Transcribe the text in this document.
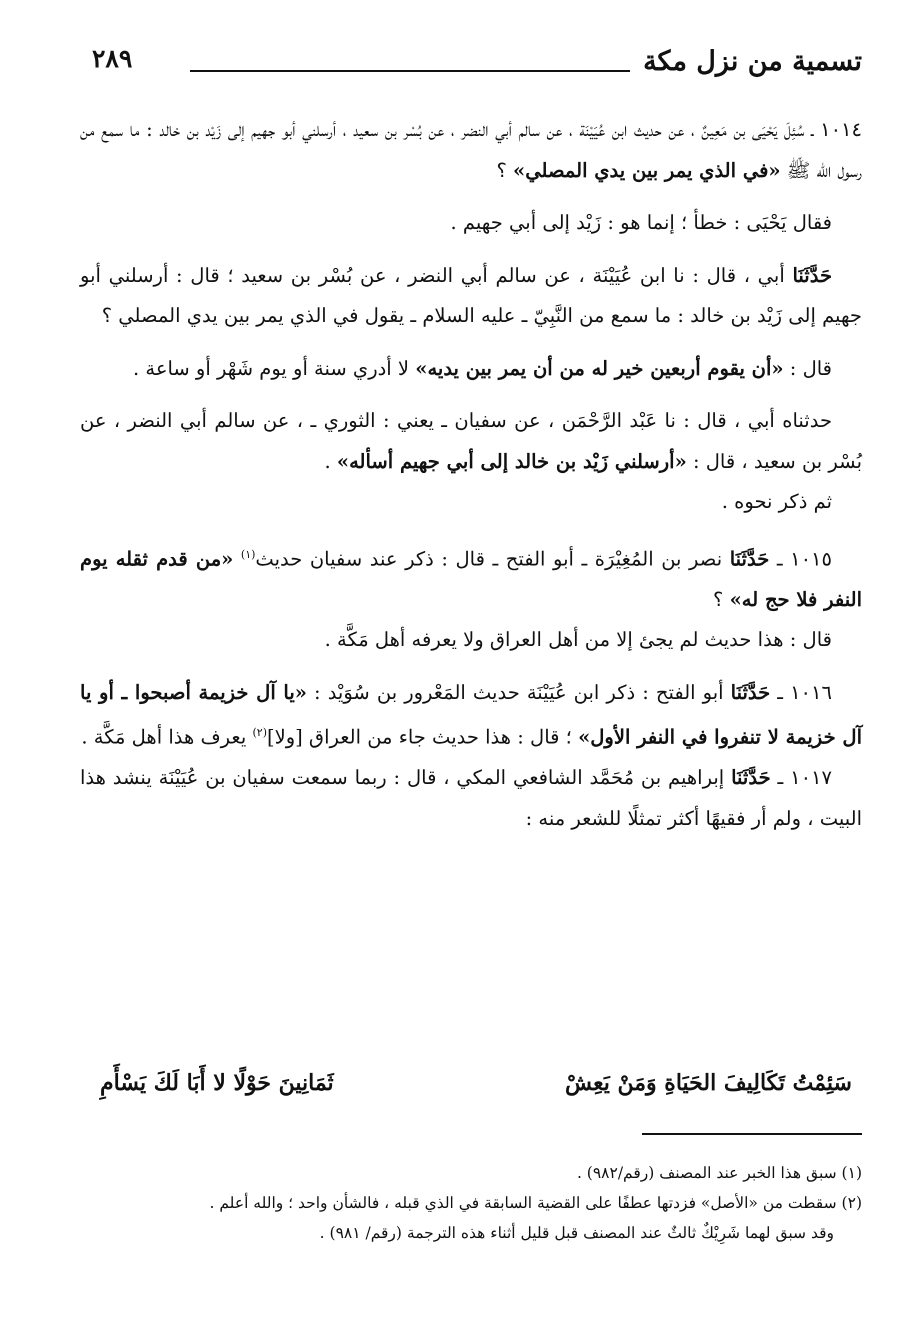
تسمية من نزل مكة
٢٨٩

١٠١٤ ـ سُئِلَ يَحْيَى بن مَعِينٌ ، عن حديث ابن عُيَيْنَة ، عن سالم أبي النضر ، عن بُسْر بن سعيد ، أرسلني أبو جهيم إلى زَيْد بن خالد : ما سمع من رسول الله ﷺ «في الذي يمر بين يدي المصلي» ؟

فقال يَحْيَى : خطأ ؛ إنما هو : زَيْد إلى أبي جهيم .

حَدَّثَنَا أبي ، قال : نا ابن عُيَيْنَة ، عن سالم أبي النضر ، عن بُسْر بن سعيد ؛ قال : أرسلني أبو جهيم إلى زَيْد بن خالد : ما سمع من النَّبِيّ ـ عليه السلام ـ يقول في الذي يمر بين يدي المصلي ؟

قال : «أن يقوم أربعين خير له من أن يمر بين يديه» لا أدري سنة أو يوم شَهْر أو ساعة .

حدثناه أبي ، قال : نا عَبْد الرَّحْمَن ، عن سفيان ـ يعني : الثوري ـ ، عن سالم أبي النضر ، عن بُسْر بن سعيد ، قال : «أرسلني زَيْد بن خالد إلى أبي جهيم أسأله» .

ثم ذكر نحوه .

١٠١٥ ـ حَدَّثَنَا نصر بن المُغِيْرَة ـ أبو الفتح ـ قال : ذكر عند سفيان حديث$^{(١)}$ «من قدم ثقله يوم النفر فلا حج له» ؟

قال : هذا حديث لم يجئ إلا من أهل العراق ولا يعرفه أهل مَكَّة .

١٠١٦ ـ حَدَّثَنَا أبو الفتح : ذكر ابن عُيَيْنَة حديث المَعْرور بن سُوَيْد : «يا آل خزيمة أصبحوا ـ أو يا آل خزيمة لا تنفروا في النفر الأول» ؛ قال : هذا حديث جاء من العراق [ولا]$^{(٢)}$ يعرف هذا أهل مَكَّة .

١٠١٧ ـ حَدَّثَنَا إبراهيم بن مُحَمَّد الشافعي المكي ، قال : ربما سمعت سفيان بن عُيَيْنَة ينشد هذا البيت ، ولم أر فقيهًا أكثر تمثلًا للشعر منه :

سَئِمْتُ تَكَالِيفَ الحَيَاةِ وَمَنْ يَعِشْ
ثَمَانِينَ حَوْلًا لا أَبَا لَكَ يَسْأَمِ

(١) سبق هذا الخبر عند المصنف (رقم/٩٨٢) .

(٢) سقطت من «الأصل» فزدتها عطفًا على القضية السابقة في الذي قبله ، فالشأن واحد ؛ والله أعلم .

وقد سبق لهما شَرِيْكٌ ثالثٌ عند المصنف قبل قليل أثناء هذه الترجمة (رقم/ ٩٨١) .
